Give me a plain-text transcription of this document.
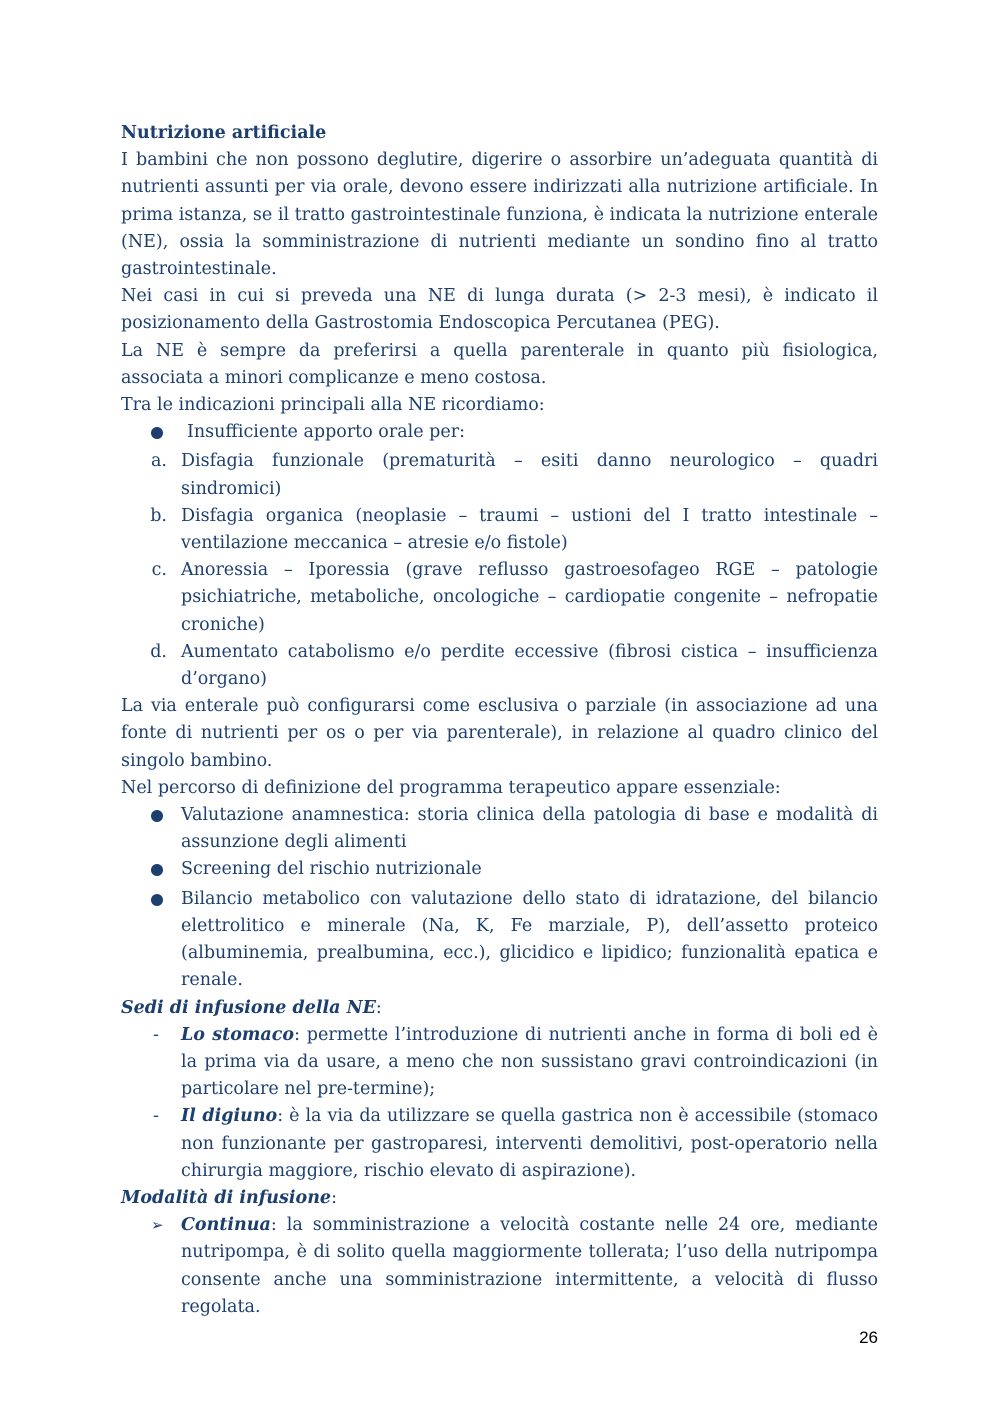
Nutrizione artificiale

I bambini che non possono deglutire, digerire o assorbire un’adeguata quantità di nutrienti assunti per via orale, devono essere indirizzati alla nutrizione artificiale. In prima istanza, se il tratto gastrointestinale funziona, è indicata la nutrizione enterale (NE), ossia la somministrazione di nutrienti mediante un sondino fino al tratto gastrointestinale.

Nei casi in cui si preveda una NE di lunga durata (> 2-3 mesi), è indicato il posizionamento della Gastrostomia Endoscopica Percutanea (PEG).

La NE è sempre da preferirsi a quella parenterale in quanto più fisiologica, associata a minori complicanze e meno costosa.

Tra le indicazioni principali alla NE ricordiamo:

Insufficiente apporto orale per:
a. Disfagia funzionale (prematurità – esiti danno neurologico – quadri sindromici)
b. Disfagia organica (neoplasie – traumi – ustioni del I tratto intestinale – ventilazione meccanica – atresie e/o fistole)
c. Anoressia – Iporessia (grave reflusso gastroesofageo RGE – patologie psichiatriche, metaboliche, oncologiche – cardiopatie congenite – nefropatie croniche)
d. Aumentato catabolismo e/o perdite eccessive (fibrosi cistica – insufficienza d’organo)

La via enterale può configurarsi come esclusiva o parziale (in associazione ad una fonte di nutrienti per os o per via parenterale), in relazione al quadro clinico del singolo bambino.

Nel percorso di definizione del programma terapeutico appare essenziale:

Valutazione anamnestica: storia clinica della patologia di base e modalità di assunzione degli alimenti
Screening del rischio nutrizionale
Bilancio metabolico con valutazione dello stato di idratazione, del bilancio elettrolitico e minerale (Na, K, Fe marziale, P), dell’assetto proteico (albuminemia, prealbumina, ecc.), glicidico e lipidico; funzionalità epatica e renale.

Sedi di infusione della NE:

-	Lo stomaco: permette l’introduzione di nutrienti anche in forma di boli ed è la prima via da usare, a meno che non sussistano gravi controindicazioni (in particolare nel pre-termine);
-	Il digiuno: è la via da utilizzare se quella gastrica non è accessibile (stomaco non funzionante per gastroparesi, interventi demolitivi, post-operatorio nella chirurgia maggiore, rischio elevato di aspirazione).

Modalità di infusione:

➢ Continua: la somministrazione a velocità costante nelle 24 ore, mediante nutripompa, è di solito quella maggiormente tollerata; l’uso della nutripompa consente anche una somministrazione intermittente, a velocità di flusso regolata.
26
